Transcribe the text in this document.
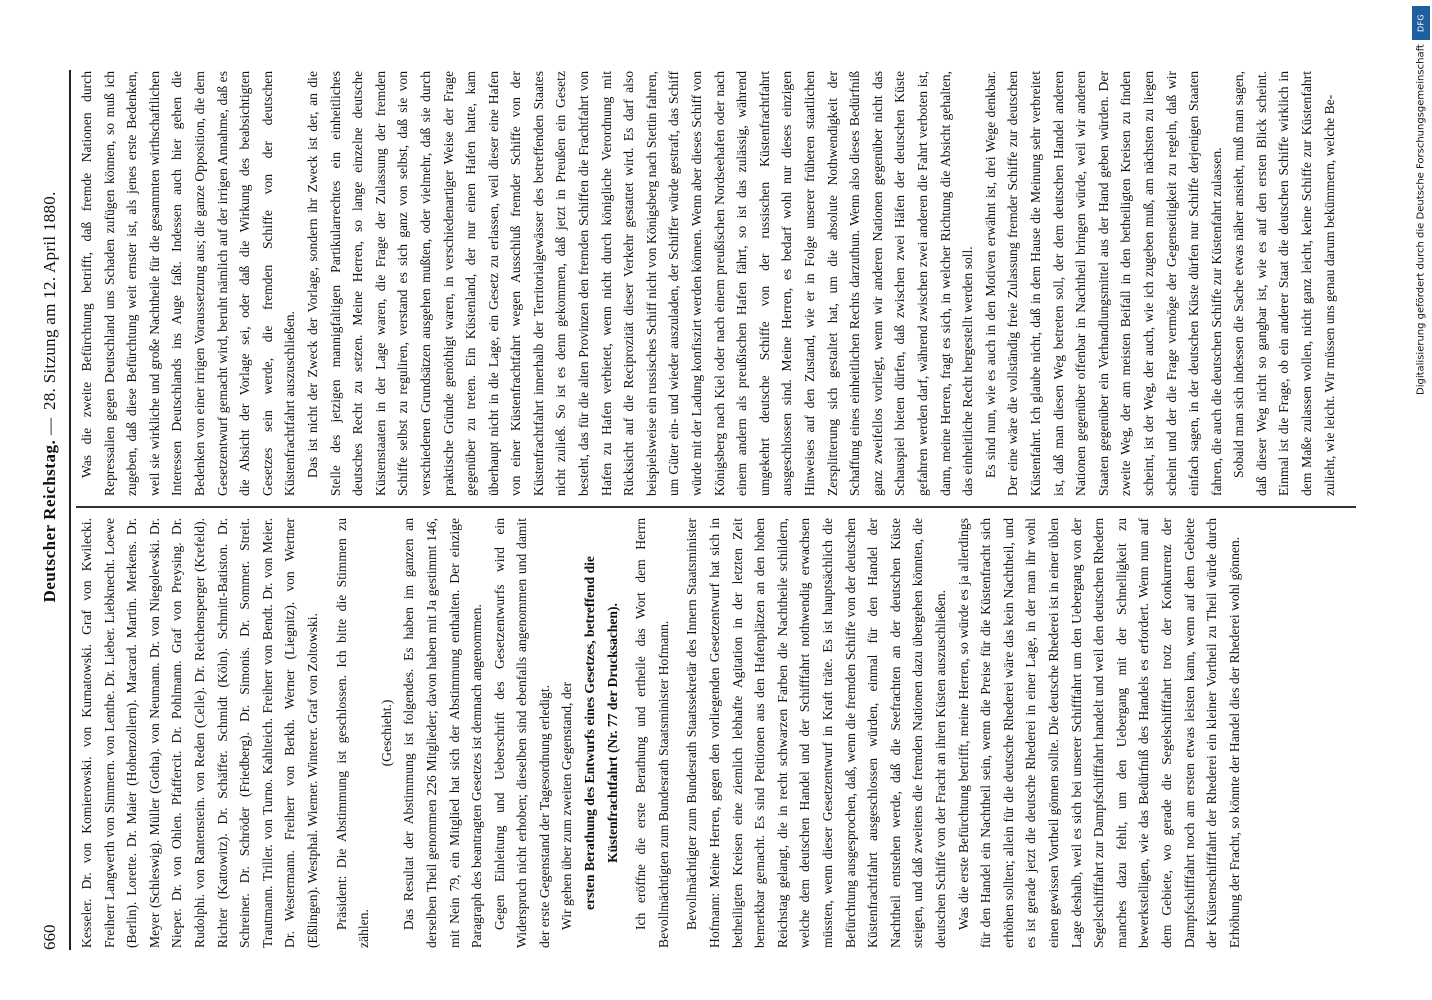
660
Deutscher Reichstag. —
28. Sitzung am 12. April 1880.

Kesseler. Dr. von Komierowski. von Kurnatowski. Graf von Kwilecki. Freiherr Langwerth von Simmern. von Lenthe. Dr. Lieber. Liebknecht. Loewe (Berlin). Lorette. Dr. Maier (Hohenzollern). Marcard. Martin. Merkens. Dr. Meyer (Schleswig). Müller (Gotha). von Neumann. Dr. von Niegolewski. Dr. Nieper. Dr. von Ohlen. Pfaffercit. Dr. Pohlmann. Graf von Preysing. Dr. Rudolphi. von Rantenstein. von Reden (Celle). Dr. Reichensperger (Krefeld). Richter (Kattowitz). Dr. Schäffer. Schmidt (Köln). Schmitt-Batiston. Dr. Schreiner. Dr. Schröder (Friedberg). Dr. Simonis. Dr. Sommer. Streit. Trautmann. Triller. von Turno. Kahlteich. Freiherr von Bendt. Dr. von Meier. Dr. Westermann. Freiherr von Berkh. Werner (Liegnitz). von Wertner (Eßlingen). Westphal. Wiemer. Winterer. Graf von Zoltowski. Präsident: Die Abstimmung ist geschlossen. Ich bitte die Stimmen zu zählen.

(Geschieht.) Das Resultat der Abstimmung ist folgendes. Es haben im ganzen an derselben Theil genommen 226 Mitglieder; davon haben mit Ja gestimmt 146, mit Nein 79, ein Mitglied hat sich der Abstimmung enthalten. Der einzige Paragraph des beantragten Gesetzes ist demnach angenommen. Gegen Einleitung und Ueberschrift des Gesetzentwurfs wird ein Widerspruch nicht erhoben; dieselben sind ebenfalls angenommen und damit der erste Gegenstand der Tagesordnung erledigt. Wir gehen über zum zweiten Gegenstand, der ersten Berathung des Entwurfs eines Gesetzes, betreffend die Küstenfrachtfahrt (Nr. 77 der Drucksachen). Ich eröffne die erste Berathung und ertheile das Wort dem Herrn Bevollmächtigten zum Bundesrath Staatsminister Hofmann. Bevollmächtigter zum Bundesrath Staatssekretär des Innern Staatsminister Hofmann: Meine Herren, gegen den vorliegenden Gesetzentwurf hat sich in betheiligten Kreisen eine ziemlich lebhafte Agitation in der letzten Zeit bemerkbar gemacht. Es sind Petitionen aus den Hafenplätzen an den hohen Reichstag gelangt, die in recht schwarzen Farben die Nachtheile schildern, welche dem deutschen Handel und der Schifffahrt nothwendig erwachsen müssten, wenn dieser Gesetzentwurf in Kraft träte. Es ist hauptsächlich die Befürchtung ausgesprochen, daß, wenn die fremden Schiffe von der deutschen Küstenfrachtfahrt ausgeschlossen würden, einmal für den Handel der Nachtheil entstehen werde, daß die Seefrachten an der deutschen Küste steigen, und daß zweitens die fremden Nationen dazu übergehen könnten, die deutschen Schiffe von der Fracht an ihren Küsten auszuschließen. Was die erste Befürchtung betrifft, meine Herren, so würde es ja allerdings für den Handel ein Nachtheil sein, wenn die Preise für die Küstenfracht sich erhöhen sollten; allein für die deutsche Rhederei wäre das kein Nachtheil, und es ist gerade jetzt die deutsche Rhederei in einer Lage, in der man ihr wohl einen gewissen Vortheil gönnen sollte. Die deutsche Rhederei ist in einer üblen Lage deshalb, weil es sich bei unserer Schifffahrt um den Uebergang von der Segelschifffahrt zur Dampfschifffahrt handelt und weil den deutschen Rhedern manches dazu fehlt, um den Uebergang mit der Schnelligkeit zu bewerkstelligen, wie das Bedürfniß des Handels es erfordert. Wenn nun auf dem Gebiete, wo gerade die Segelschifffahrt trotz der Konkurrenz der Dampfschifffahrt noch am ersten etwas leisten kann, wenn auf dem Gebiete der Küstenschifffahrt der Rhederei ein kleiner Vortheil zu Theil würde durch Erhöhung der Fracht, so könnte der Handel dies der Rhederei wohl gönnen.

Was die zweite Befürchtung betrifft, daß fremde Nationen durch Repressalien gegen Deutschland uns Schaden zufügen können, so muß ich zugeben, daß diese Befürchtung weit ernster ist, als jenes erste Bedenken, weil sie wirkliche und große Nachtheile für die gesammten wirthschaftlichen Interessen Deutschlands ins Auge faßt. Indessen auch hier gehen die Bedenken von einer irrigen Voraussetzung aus; die ganze Opposition, die dem Gesetzentwurf gemacht wird, beruht nämlich auf der irrigen Annahme, daß es die Absicht der Vorlage sei, oder daß die Wirkung des beabsichtigten Gesetzes sein werde, die fremden Schiffe von der deutschen Küstenfrachtfahrt auszuschließen. Das ist nicht der Zweck der Vorlage, sondern ihr Zweck ist der, an die Stelle des jetzigen mannigfaltigen Partikularrechtes ein einheitliches deutsches Recht zu setzen. Meine Herren, so lange einzelne deutsche Küstenstaaten in der Lage waren, die Frage der Zulassung der fremden Schiffe selbst zu reguliren, verstand es sich ganz von selbst, daß sie von verschiedenen Grundsätzen ausgehen mußten, oder vielmehr, daß sie durch praktische Gründe genöthigt waren, in verschiedenartiger Weise der Frage gegenüber zu treten. Ein Küstenland, der nur einen Hafen hatte, kam überhaupt nicht in die Lage, ein Gesetz zu erlassen, weil dieser eine Hafen von einer Küstenfrachtfahrt wegen Ausschluß fremder Schiffe von der Küstenfrachtfahrt innerhalb der Territorialgewässer des betreffenden Staates nicht zuließ. So ist es denn gekommen, daß jetzt in Preußen ein Gesetz besteht, das für die alten Provinzen den fremden Schiffen die Frachtfahrt von Hafen zu Hafen verbietet, wenn nicht durch königliche Verordnung mit Rücksicht auf die Reciprozität dieser Verkehr gestattet wird. Es darf also beispielsweise ein russisches Schiff nicht von Königsberg nach Stettin fahren, um Güter ein- und wieder auszuladen, der Schiffer würde gestraft, das Schiff würde mit der Ladung konfiszirt werden können. Wenn aber dieses Schiff von Königsberg nach Kiel oder nach einem preußischen Nordseehafen oder nach einem andern als preußischen Hafen fährt, so ist das zulässig, während umgekehrt deutsche Schiffe von der russischen Küstenfrachtfahrt ausgeschlossen sind. Meine Herren, es bedarf wohl nur dieses einzigen Hinweises auf den Zustand, wie er in Folge unserer früheren staatlichen Zersplitterung sich gestaltet hat, um die absolute Nothwendigkeit der Schaffung eines einheitlichen Rechts darzuthun. Wenn also dieses Bedürfniß ganz zweifellos vorliegt, wenn wir anderen Nationen gegenüber nicht das Schauspiel bieten dürfen, daß zwischen zwei Häfen der deutschen Küste gefahren werden darf, während zwischen zwei anderen die Fahrt verboten ist, dann, meine Herren, fragt es sich, in welcher Richtung die Absicht gehalten, das einheitliche Recht hergestellt werden soll. Es sind nun, wie es auch in den Motiven erwähnt ist, drei Wege denkbar. Der eine wäre die vollständig freie Zulassung fremder Schiffe zur deutschen Küstenfahrt. Ich glaube nicht, daß in dem Hause die Meinung sehr verbreitet ist, daß man diesen Weg betreten soll, der dem deutschen Handel anderen Nationen gegenüber offenbar in Nachtheil bringen würde, weil wir anderen Staaten gegenüber ein Verhandlungsmittel aus der Hand geben würden. Der zweite Weg, der am meisten Beifall in den betheiligten Kreisen zu finden scheint, ist der Weg, der auch, wie ich zugeben muß, am nächsten zu liegen scheint und der die Frage vermöge der Gegenseitigkeit zu regeln, daß wir einfach sagen, in der deutschen Küste dürfen nur Schiffe derjenigen Staaten fahren, die auch die deutschen Schiffe zur Küstenfahrt zulassen. Sobald man sich indessen die Sache etwas näher ansieht, muß man sagen, daß dieser Weg nicht so gangbar ist, wie es auf den ersten Blick scheint. Einmal ist die Frage, ob ein anderer Staat die deutschen Schiffe wirklich in dem Maße zulassen wollen, nicht ganz leicht, keine Schiffe zur Küstenfahrt zulieht, wie leicht. Wir müssen uns genau darum bekümmern, welche Be-

DFG
Digitalisierung gefördert durch die Deutsche Forschungsgemeinschaft
